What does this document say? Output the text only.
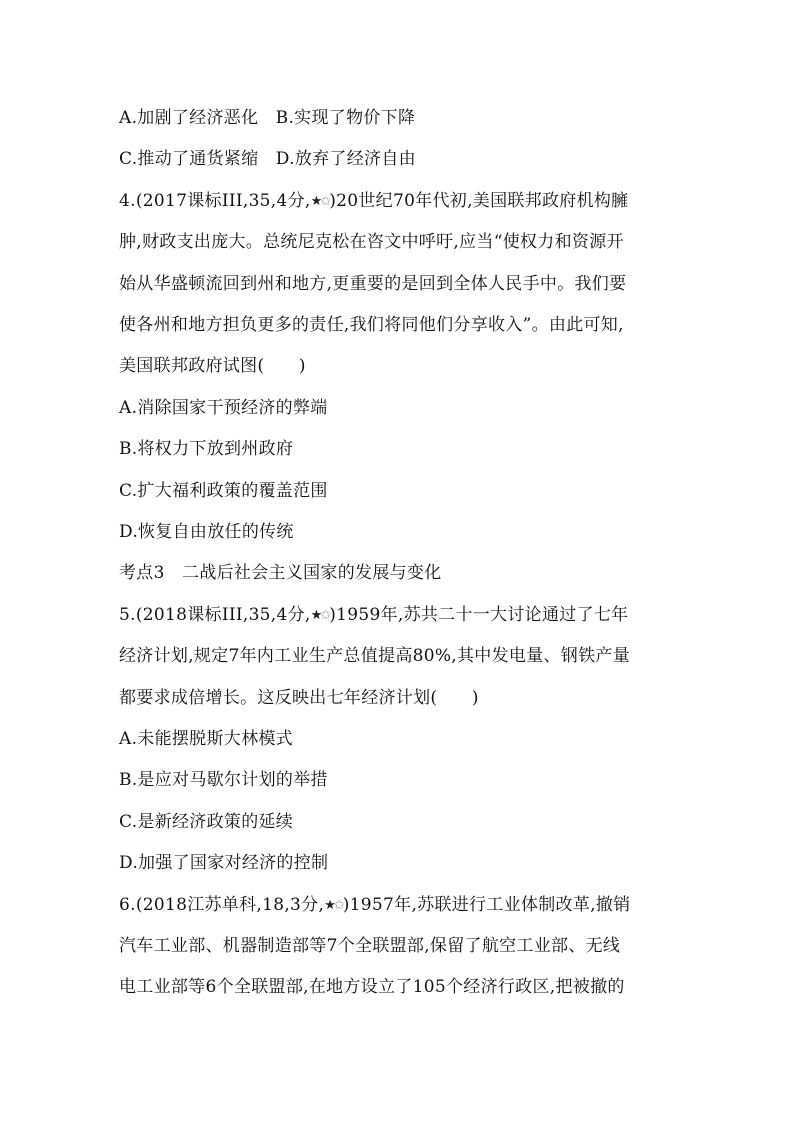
A.加剧了经济恶化　B.实现了物价下降
C.推动了通货紧缩　D.放弃了经济自由
4.(2017课标III,35,4分,★✩)20世纪70年代初,美国联邦政府机构臃
肿,财政支出庞大。总统尼克松在咨文中呼吁,应当“使权力和资源开
始从华盛顿流回到州和地方,更重要的是回到全体人民手中。我们要
使各州和地方担负更多的责任,我们将同他们分享收入”。由此可知,
美国联邦政府试图(　　)
A.消除国家干预经济的弊端
B.将权力下放到州政府
C.扩大福利政策的覆盖范围
D.恢复自由放任的传统
考点3　二战后社会主义国家的发展与变化
5.(2018课标III,35,4分,★✩)1959年,苏共二十一大讨论通过了七年
经济计划,规定7年内工业生产总值提高80%,其中发电量、钢铁产量
都要求成倍增长。这反映出七年经济计划(　　)
A.未能摆脱斯大林模式
B.是应对马歇尔计划的举措
C.是新经济政策的延续
D.加强了国家对经济的控制
6.(2018江苏单科,18,3分,★✩)1957年,苏联进行工业体制改革,撤销
汽车工业部、机器制造部等7个全联盟部,保留了航空工业部、无线
电工业部等6个全联盟部,在地方设立了105个经济行政区,把被撤的
